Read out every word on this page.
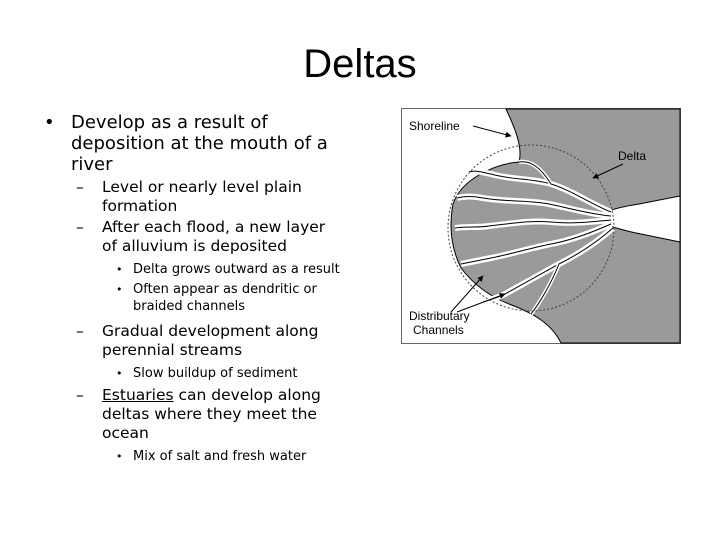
Deltas
• Develop as a result of deposition at the mouth of a river
– Level or nearly level plain formation
– After each flood, a new layer of alluvium is deposited
• Delta grows outward as a result
• Often appear as dendritic or braided channels
– Gradual development along perennial streams
• Slow buildup of sediment
– Estuaries can develop along deltas where they meet the ocean
• Mix of salt and fresh water
Shoreline
Delta
Distributary
Channels
